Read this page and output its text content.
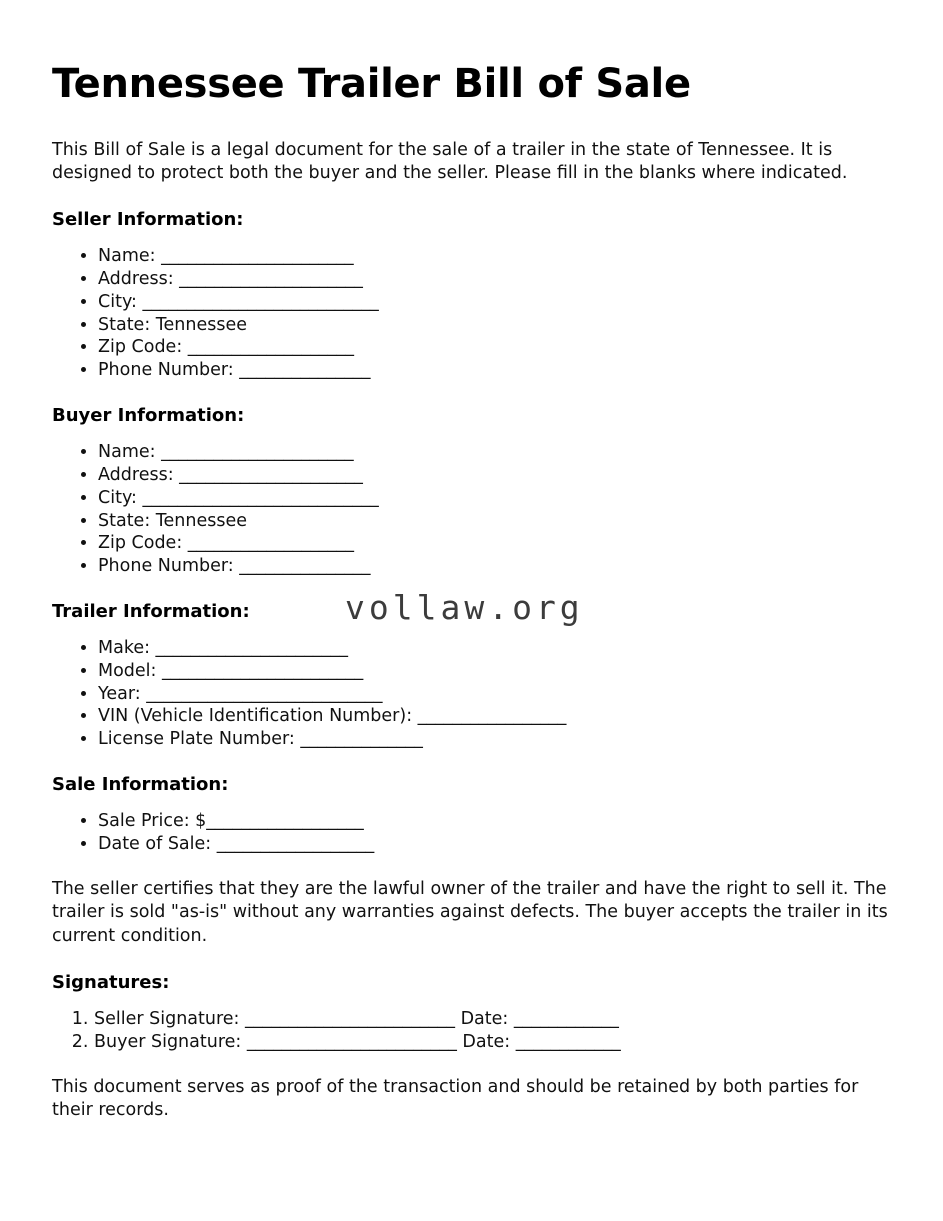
Tennessee Trailer Bill of Sale

This Bill of Sale is a legal document for the sale of a trailer in the state of Tennessee. It is designed to protect both the buyer and the seller. Please fill in the blanks where indicated.

Seller Information:
• Name: ______________________
• Address: _____________________
• City: ___________________________
• State: Tennessee
• Zip Code: ___________________
• Phone Number: _______________
Buyer Information:
• Name: ______________________
• Address: _____________________
• City: ___________________________
• State: Tennessee
• Zip Code: ___________________
• Phone Number: _______________
Trailer Information:
• Make: ______________________
• Model: _______________________
• Year: ___________________________
• VIN (Vehicle Identification Number): _________________
• License Plate Number: ______________
Sale Information:
• Sale Price: $__________________
• Date of Sale: __________________

The seller certifies that they are the lawful owner of the trailer and have the right to sell it. The trailer is sold "as-is" without any warranties against defects. The buyer accepts the trailer in its current condition.

Signatures:
1. Seller Signature: ________________________ Date: ____________
2. Buyer Signature: ________________________ Date: ____________

This document serves as proof of the transaction and should be retained by both parties for their records.

vollaw.org
